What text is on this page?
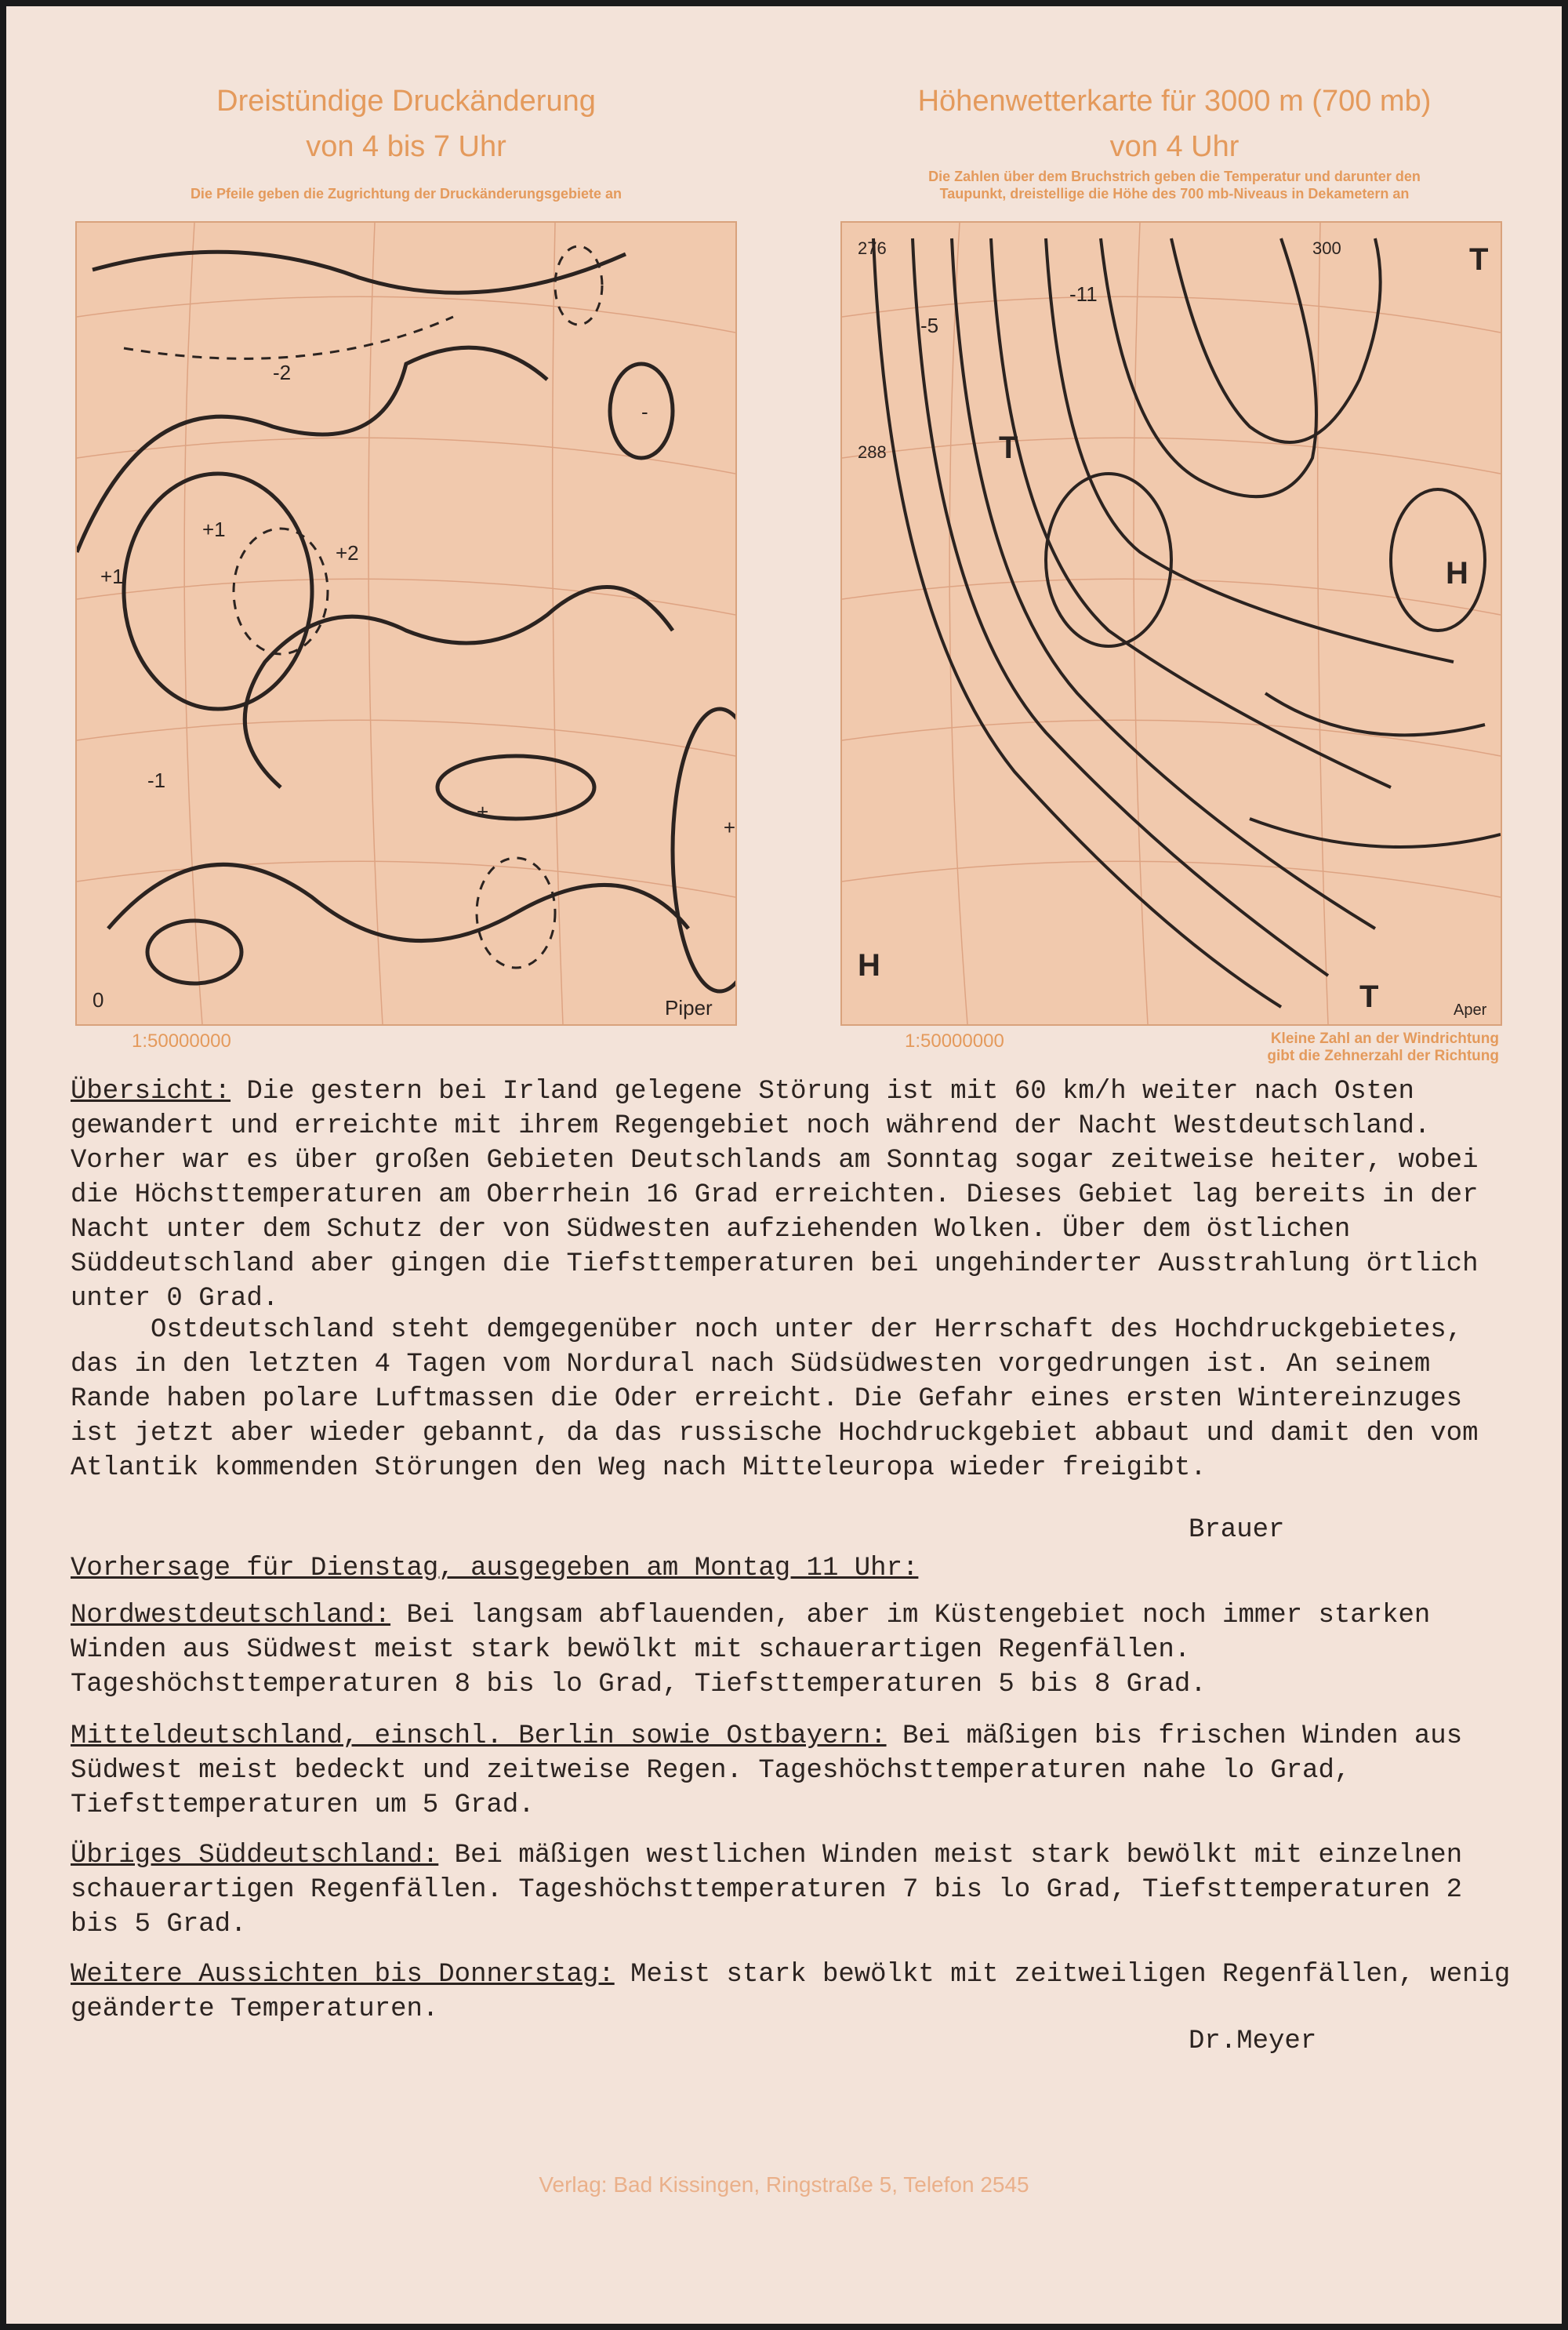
Dreistündige Druckänderung
von 4 bis 7 Uhr
Die Pfeile geben die Zugrichtung der Druckänderungsgebiete an
+1
+1
+2
-1
-2
+
+
-
0	Piper
1:50000000
Höhenwetterkarte für 3000 m (700 mb)
von 4 Uhr
Die Zahlen über dem Bruchstrich geben die Temperatur und darunter den
Taupunkt, dreistellige die Höhe des 700 mb-Niveaus in Dekametern an
H
H
T
T
T
276
288
300
-5
-11
Aper
1:50000000	Kleine Zahl an der Windrichtung
gibt die Zehnerzahl der Richtung

Übersicht: Die gestern bei Irland gelegene Störung ist mit 60 km/h weiter nach Osten gewandert und erreichte mit ihrem Regengebiet noch während der Nacht Westdeutschland. Vorher war es über großen Gebieten Deutschlands am Sonntag sogar zeitweise heiter, wobei die Höchsttemperaturen am Oberrhein 16 Grad erreichten. Dieses Gebiet lag bereits in der Nacht unter dem Schutz der von Südwesten aufziehenden Wolken. Über dem östlichen Süddeutschland aber gingen die Tiefsttemperaturen bei ungehinderter Ausstrahlung örtlich unter 0 Grad.

Ostdeutschland steht demgegenüber noch unter der Herrschaft des Hochdruckgebietes, das in den letzten 4 Tagen vom Nordural nach Südsüdwesten vorgedrungen ist. An seinem Rande haben polare Luftmassen die Oder erreicht. Die Gefahr eines ersten Wintereinzuges ist jetzt aber wieder gebannt, da das russische Hochdruckgebiet abbaut und damit den vom Atlantik kommenden Störungen den Weg nach Mitteleuropa wieder freigibt.

Brauer

Vorhersage für Dienstag, ausgegeben am Montag 11 Uhr:

Nordwestdeutschland: Bei langsam abflauenden, aber im Küstengebiet noch immer starken Winden aus Südwest meist stark bewölkt mit schauerartigen Regenfällen. Tageshöchsttemperaturen 8 bis lo Grad, Tiefsttemperaturen 5 bis 8 Grad.

Mitteldeutschland, einschl. Berlin sowie Ostbayern: Bei mäßigen bis frischen Winden aus Südwest meist bedeckt und zeitweise Regen. Tageshöchsttemperaturen nahe lo Grad, Tiefsttemperaturen um 5 Grad.

Übriges Süddeutschland: Bei mäßigen westlichen Winden meist stark bewölkt mit einzelnen schauerartigen Regenfällen. Tageshöchsttemperaturen 7 bis lo Grad, Tiefsttemperaturen 2 bis 5 Grad.

Weitere Aussichten bis Donnerstag: Meist stark bewölkt mit zeitweiligen Regenfällen, wenig geänderte Temperaturen.

Dr.Meyer
Verlag: Bad Kissingen, Ringstraße 5, Telefon 2545
